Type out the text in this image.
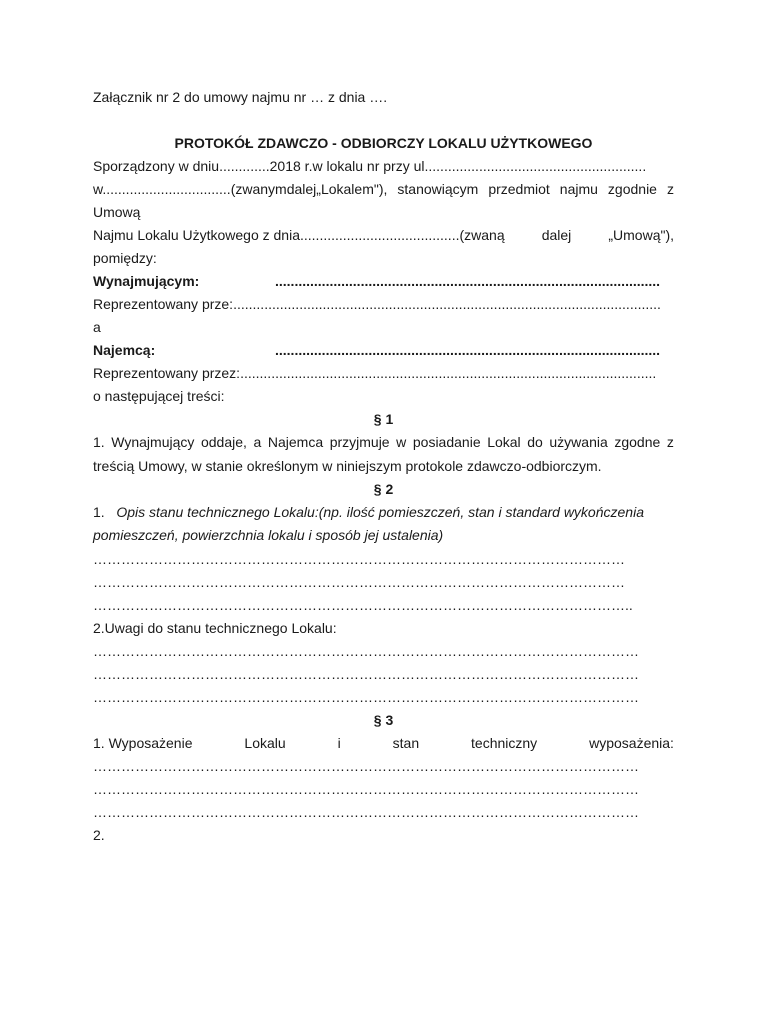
Załącznik nr 2 do umowy najmu nr … z dnia ….
PROTOKÓŁ ZDAWCZO - ODBIORCZY LOKALU UŻYTKOWEGO
Sporządzony w dniu.............2018 r.w lokalu nr przy ul.........................................................
w.................................(zwanymdalej„Lokalem"), stanowiącym przedmiot najmu zgodnie z
Umową
Najmu Lokalu Użytkowego z dnia.........................................(zwaną	dalej	„Umową"),
pomiędzy:
Wynajmującym:	...................................................................................................
Reprezentowany prze:..............................................................................................................
a
Najemcą:	...................................................................................................
Reprezentowany przez:...........................................................................................................
o następującej treści:
§ 1
1. Wynajmujący oddaje, a Najemca przyjmuje w posiadanie Lokal do używania zgodne z
treścią Umowy, w stanie określonym w niniejszym protokole zdawczo-odbiorczym.
§ 2
1. Opis stanu technicznego Lokalu:(np. ilość pomieszczeń, stan i standard wykończenia
pomieszczeń, powierzchnia lokalu i sposób jej ustalenia)
……………………………………………………………………………………………………
……………………………………………………………………………………………………
……………………………………………………………………………………………………..
2.Uwagi do stanu technicznego Lokalu:
………………………………………………………………………………………………………
………………………………………………………………………………………………………
………………………………………………………………………………………………………
§ 3
1. Wyposażenie	Lokalu	i	stan	techniczny	wyposażenia:
………………………………………………………………………………………………………
………………………………………………………………………………………………………
………………………………………………………………………………………………………
2.
